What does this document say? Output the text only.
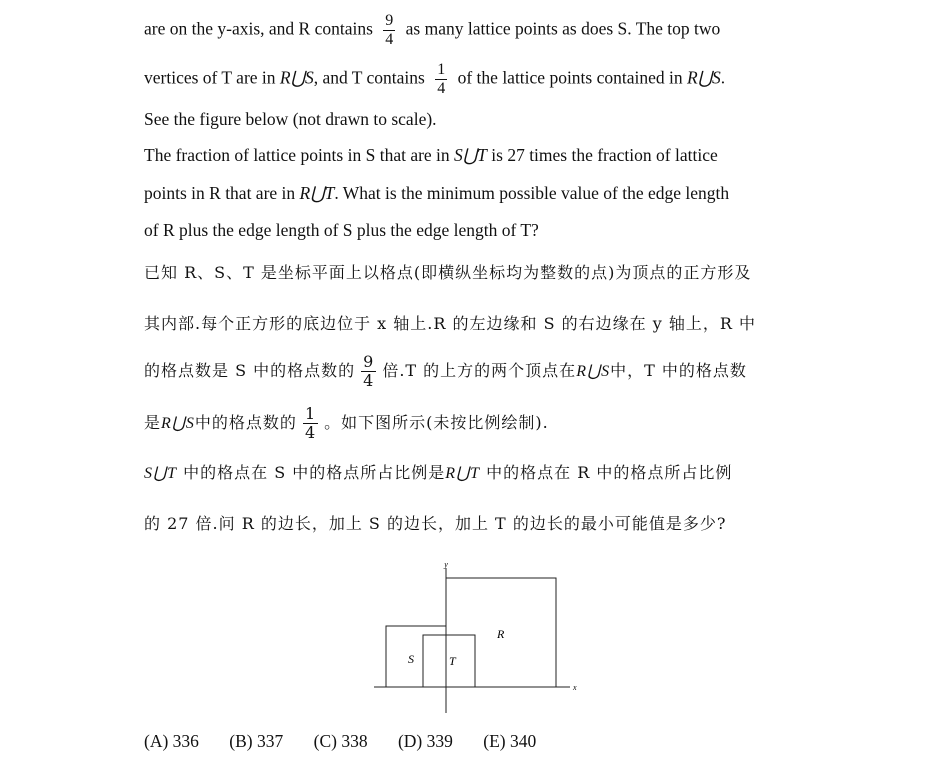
are on the y-axis, and R contains $\frac{9}{4}$ as many lattice points as does S. The top two
vertices of T are in R⋃S, and T contains $\frac{1}{4}$ of the lattice points contained in R⋃S.
See the figure below (not drawn to scale).
The fraction of lattice points in S that are in S⋃T is 27 times the fraction of lattice
points in R that are in R⋃T. What is the minimum possible value of the edge length
of R plus the edge length of S plus the edge length of T?
已知 R、S、T 是坐标平面上以格点(即横纵坐标均为整数的点)为顶点的正方形及
其内部.每个正方形的底边位于 x 轴上.R 的左边缘和 S 的右边缘在 y 轴上，R 中
的格点数是 S 中的格点数的 $\frac{9}{4}$ 倍.T 的上方的两个顶点在R⋃S中，T 中的格点数
是R⋃S中的格点数的 $\frac{1}{4}$ 。如下图所示(未按比例绘制).
S⋃T 中的格点在 S 中的格点所占比例是R⋃T 中的格点在 R 中的格点所占比例
的 27 倍.问 R 的边长，加上 S 的边长，加上 T 的边长的最小可能值是多少?
y
x
R
S	T
(A) 336 (B) 337 (C) 338 (D) 339 (E) 340
